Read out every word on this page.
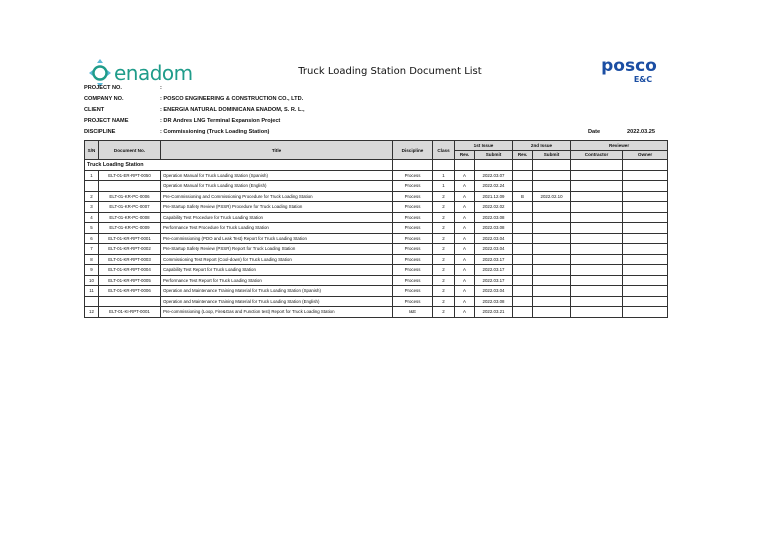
enadom	Truck Loading Station Document List	posco
E&C
PROJECT NO.	:
COMPANY NO.	: POSCO ENGINEERING & CONSTRUCTION CO., LTD.
CLIENT	: ENERGIA NATURAL DOMINICANA ENADOM, S. R. L.,
PROJECT NAME	: DR Andres LNG Terminal Expansion Project
DISCIPLINE	: Commissioning (Truck Loading Station)	Date	2022.03.25
S/N	Document No.	Title	Discipline	Class	1st Issue		2nd Issue		Reviewer	
					Rev.	Submit	Rev.	Submit	Contractor	Owner
Truck Loading Station										
1	ELT-01-ER-RPT-0050	Operation Manual for Truck Loading Station (Spanish)	Process	1	A	2022.03.07				
		Operation Manual for Truck Loading Station (English)	Process	1	A	2022.02.24				
2	ELT-01-KR-PC-0006	Pre-Commissioning and Commissioning Procedure for Truck Loading Station	Process	2	A	2021.12.09	B	2022.02.10		
3	ELT-01-KR-PC-0007	Pre-Startup Safety Review (PSSR) Procedure for Truck Loading Station	Process	2	A	2022.02.02				
4	ELT-01-KR-PC-0008	Capability Test Procedure for Truck Loading Station	Process	2	A	2022.03.08				
5	ELT-01-KR-PC-0009	Performance Test Procedure for Truck Loading Station	Process	2	A	2022.03.08				
6	ELT-01-KR-RPT-0001	Pre-commissioning (PDO and Leak Test) Report for Truck Loading Station	Process	2	A	2022.03.04				
7	ELT-01-KR-RPT-0002	Pre-Startup Safety Review (PSSR) Report for Truck Loading Station	Process	2	A	2022.03.04				
8	ELT-01-KR-RPT-0003	Commissioning Test Report (Cool-down) for Truck Loading Station	Process	2	A	2022.03.17				
9	ELT-01-KR-RPT-0004	Capability Test Report for Truck Loading Station	Process	2	A	2022.03.17				
10	ELT-01-KR-RPT-0005	Performance Test Report for Truck Loading Station	Process	2	A	2022.03.17				
11	ELT-01-KR-RPT-0006	Operation and Maintenance Training Material for Truck Loading Station (Spanish)	Process	2	A	2022.03.04				
		Operation and Maintenance Training Material for Truck Loading Station (English)	Process	2	A	2022.03.08				
12	ELT-01-KI-RPT-0001	Pre-commissioning (Loop, Fire&Gas and Function test) Report for Truck Loading Station	I&E	2	A	2022.03.21				
